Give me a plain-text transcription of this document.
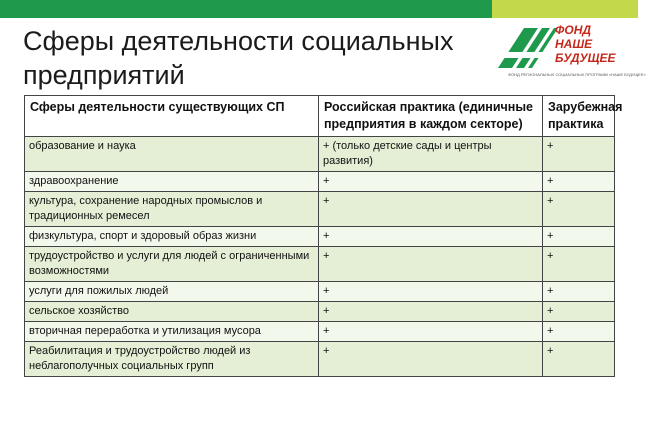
Сферы деятельности социальных предприятий
ФОНД
НАШЕ
БУДУЩЕЕ
ФОНД РЕГИОНАЛЬНЫХ СОЦИАЛЬНЫХ ПРОГРАММ «НАШЕ БУДУЩЕЕ»
Сферы деятельности существующих СП	Российская практика (единичные предприятия в каждом секторе)	Зарубежная практика
образование и наука	+ (только детские сады и центры развития)	+
здравоохранение	+	+
культура, сохранение народных промыслов и традиционных ремесел	+	+
физкультура, спорт и здоровый образ жизни	+	+
трудоустройство и услуги для людей с ограниченными возможностями	+	+
услуги для пожилых людей	+	+
сельское хозяйство	+	+
вторичная переработка и утилизация мусора	+	+
Реабилитация и трудоустройство людей из неблагополучных социальных групп	+	+
